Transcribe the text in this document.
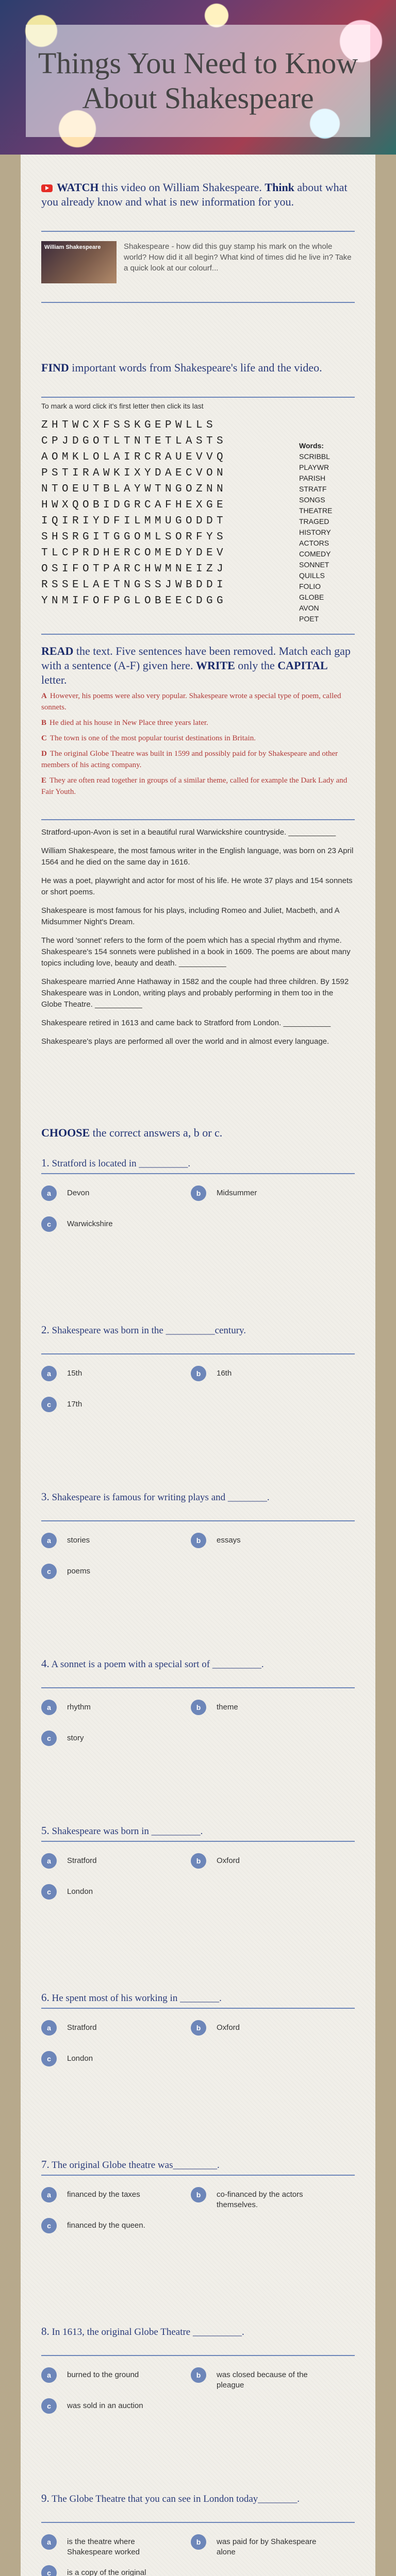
Things You Need to Know About Shakespeare
WATCH this video on William Shakespeare. Think about what you already know and what is new information for you.
William Shakespeare	Shakespeare - how did this guy stamp his mark on the whole world? How did it all begin? What kind of times did he live in? Take a quick look at our colourf...
FIND important words from Shakespeare's life and the video.
To mark a word click it's first letter then click its last
ZHTWCXFSSKGEPWLLS
CPJDGOTLTNTETLASTS
AOMKLOLAIRCRAUEVVQ
PSTIRAWKIXYDAECVON
NTOEUTBLAYWTNGOZNN
HWXQOBIDGRCAFHEXGE
IQIRIYDFILMMUGODDT
SHSRGITGGOMLSORFYS
TLCPRDHERCOMEDYDEV
OSIFOTPARCHWMNEIZJ
RSSELAETNGSSJWBDDI
YNMIFOFPGLOBEECDGG
Words:
SCRIBBL
PLAYWR
PARISH
STRATF
SONGS
THEATRE
TRAGED
HISTORY
ACTORS
COMEDY
SONNET
QUILLS
FOLIO
GLOBE
AVON
POET
READ the text. Five sentences have been removed. Match each gap with a sentence (A-F) given here. WRITE only the CAPITAL letter.
A However, his poems were also very popular. Shakespeare wrote a special type of poem, called sonnets.
B He died at his house in New Place three years later.
C The town is one of the most popular tourist destinations in Britain.
D The original Globe Theatre was built in 1599 and possibly paid for by Shakespeare and other members of his acting company.
E They are often read together in groups of a similar theme, called for example the Dark Lady and Fair Youth.

Stratford-upon-Avon is set in a beautiful rural Warwickshire countryside. ___________

William Shakespeare, the most famous writer in the English language, was born on 23 April 1564 and he died on the same day in 1616.

He was a poet, playwright and actor for most of his life. He wrote 37 plays and 154 sonnets or short poems.

Shakespeare is most famous for his plays, including Romeo and Juliet, Macbeth, and A Midsummer Night's Dream.

The word 'sonnet' refers to the form of the poem which has a special rhythm and rhyme. Shakespeare's 154 sonnets were published in a book in 1609. The poems are about many topics including love, beauty and death. ___________

Shakespeare married Anne Hathaway in 1582 and the couple had three children. By 1592 Shakespeare was in London, writing plays and probably performing in them too in the Globe Theatre. ___________

Shakespeare retired in 1613 and came back to Stratford from London. ___________

Shakespeare's plays are performed all over the world and in almost every language.

CHOOSE the correct answers a, b or c.
1. Stratford is located in __________.
a	Devon	b	Midsummer
c	Warwickshire
2. Shakespeare was born in the __________century.
a	15th	b	16th
c	17th
3. Shakespeare is famous for writing plays and ________.
a	stories	b	essays
c	poems
4. A sonnet is a poem with a special sort of __________.
a	rhythm	b	theme
c	story
5. Shakespeare was born in __________.
a	Stratford	b	Oxford
c	London
6. He spent most of his working in ________.
a	Stratford	b	Oxford
c	London
7. The original Globe theatre was_________.
a	financed by the taxes	b	co-financed by the actors themselves.
c	financed by the queen.
8. In 1613, the original Globe Theatre __________.
a	burned to the ground	b	was closed because of the pleague
c	was sold in an auction
9. The Globe Theatre that you can see in London today________.
a	is the theatre where Shakespeare worked
b	was paid for by Shakespeare alone
c	is a copy of the original
